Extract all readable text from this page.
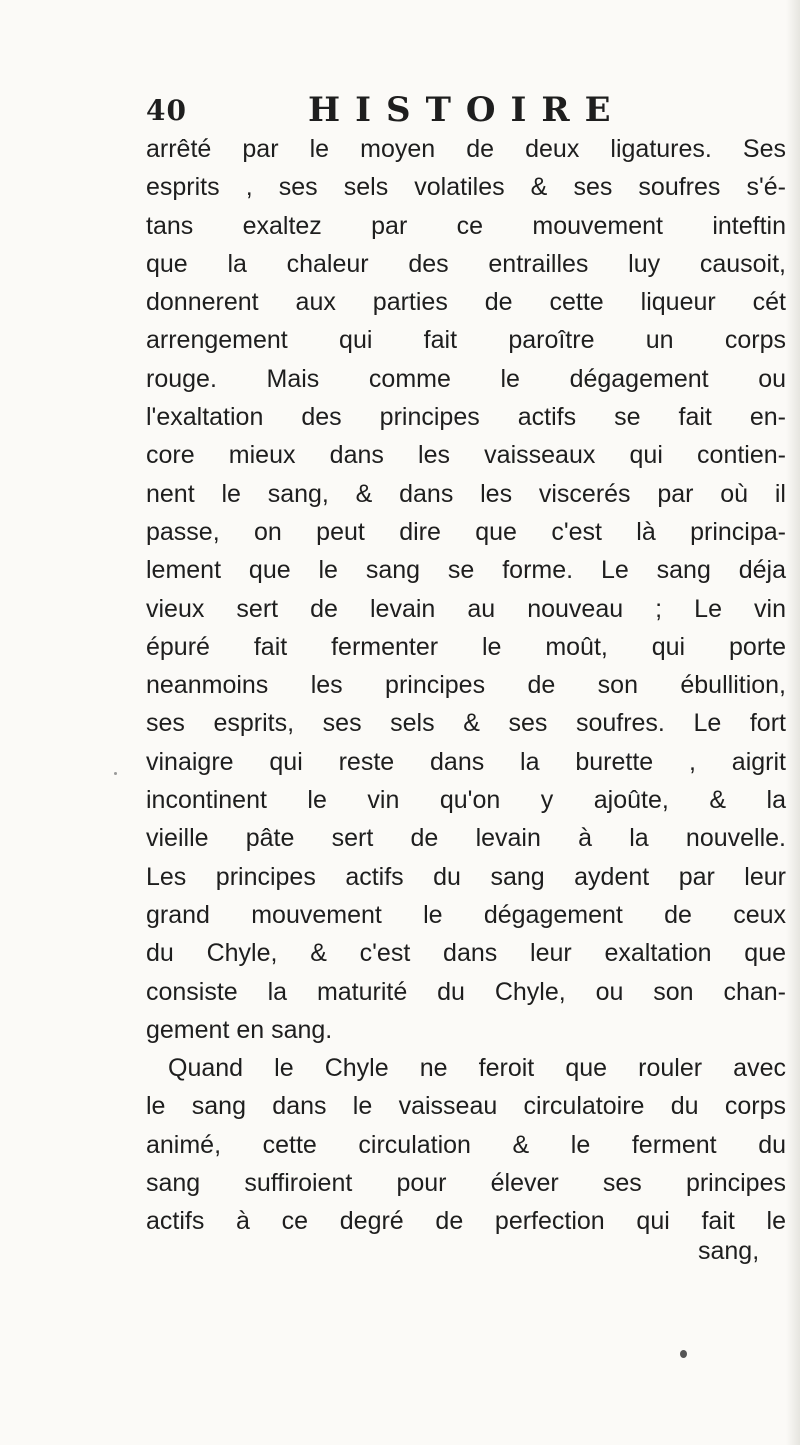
40	HISTOIRE
arrêté par le moyen de deux ligatures. Ses
esprits , ses sels volatiles & ses soufres s'é-
tans exaltez par ce mouvement inteftin
que la chaleur des entrailles luy causoit,
donnerent aux parties de cette liqueur cét
arrengement qui fait paroître un corps
rouge. Mais comme le dégagement ou
l'exaltation des principes actifs se fait en-
core mieux dans les vaisseaux qui contien-
nent le sang, & dans les viscerés par où il
passe, on peut dire que c'est là principa-
lement que le sang se forme. Le sang déja
vieux sert de levain au nouveau ; Le vin
épuré fait fermenter le moût, qui porte
neanmoins les principes de son ébullition,
ses esprits, ses sels & ses soufres. Le fort
vinaigre qui reste dans la burette , aigrit
incontinent le vin qu'on y ajoûte, & la
vieille pâte sert de levain à la nouvelle.
Les principes actifs du sang aydent par leur
grand mouvement le dégagement de ceux
du Chyle, & c'est dans leur exaltation que
consiste la maturité du Chyle, ou son chan-
gement en sang.
Quand le Chyle ne feroit que rouler avec
le sang dans le vaisseau circulatoire du corps
animé, cette circulation & le ferment du
sang suffiroient pour élever ses principes
actifs à ce degré de perfection qui fait le
sang,
